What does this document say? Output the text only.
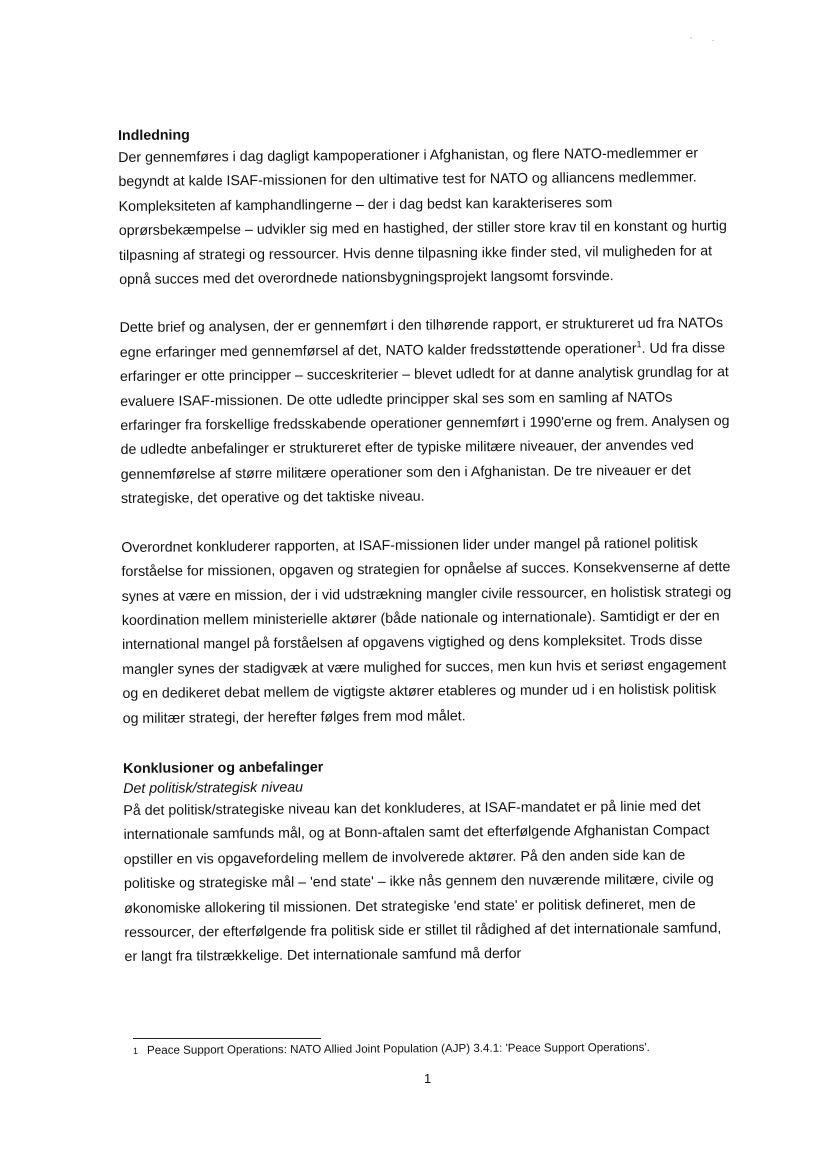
’         ·
Indledning

Der gennemføres i dag dagligt kampoperationer i Afghanistan, og flere NATO-medlemmer er begyndt at kalde ISAF-missionen for den ultimative test for NATO og alliancens medlemmer. Kompleksiteten af kamphandlingerne – der i dag bedst kan karakteriseres som oprørsbekæmpelse – udvikler sig med en hastighed, der stiller store krav til en konstant og hurtig tilpasning af strategi og ressourcer. Hvis denne tilpasning ikke finder sted, vil muligheden for at opnå succes med det overordnede nationsbygningsprojekt langsomt forsvinde.

Dette brief og analysen, der er gennemført i den tilhørende rapport, er struktureret ud fra NATOs egne erfaringer med gennemførsel af det, NATO kalder fredsstøttende operationer$^1$. Ud fra disse erfaringer er otte principper – succeskriterier – blevet udledt for at danne analytisk grundlag for at evaluere ISAF-missionen. De otte udledte principper skal ses som en samling af NATOs erfaringer fra forskellige fredsskabende operationer gennemført i 1990'erne og frem. Analysen og de udledte anbefalinger er struktureret efter de typiske militære niveauer, der anvendes ved gennemførelse af større militære operationer som den i Afghanistan. De tre niveauer er det strategiske, det operative og det taktiske niveau.

Overordnet konkluderer rapporten, at ISAF-missionen lider under mangel på rationel politisk forståelse for missionen, opgaven og strategien for opnåelse af succes. Konsekvenserne af dette synes at være en mission, der i vid udstrækning mangler civile ressourcer, en holistisk strategi og koordination mellem ministerielle aktører (både nationale og internationale). Samtidigt er der en international mangel på forståelsen af opgavens vigtighed og dens kompleksitet. Trods disse mangler synes der stadigvæk at være mulighed for succes, men kun hvis et seriøst engagement og en dedikeret debat mellem de vigtigste aktører etableres og munder ud i en holistisk politisk og militær strategi, der herefter følges frem mod målet.

Konklusioner og anbefalinger

Det politisk/strategisk niveau

På det politisk/strategiske niveau kan det konkluderes, at ISAF-mandatet er på linie med det internationale samfunds mål, og at Bonn-aftalen samt det efterfølgende Afghanistan Compact opstiller en vis opgavefordeling mellem de involverede aktører. På den anden side kan de politiske og strategiske mål – 'end state' – ikke nås gennem den nuværende militære, civile og økonomiske allokering til missionen. Det strategiske 'end state' er politisk defineret, men de ressourcer, der efterfølgende fra politisk side er stillet til rådighed af det internationale samfund, er langt fra tilstrækkelige. Det internationale samfund må derfor

1 Peace Support Operations: NATO Allied Joint Population (AJP) 3.4.1: 'Peace Support Operations'.
1
